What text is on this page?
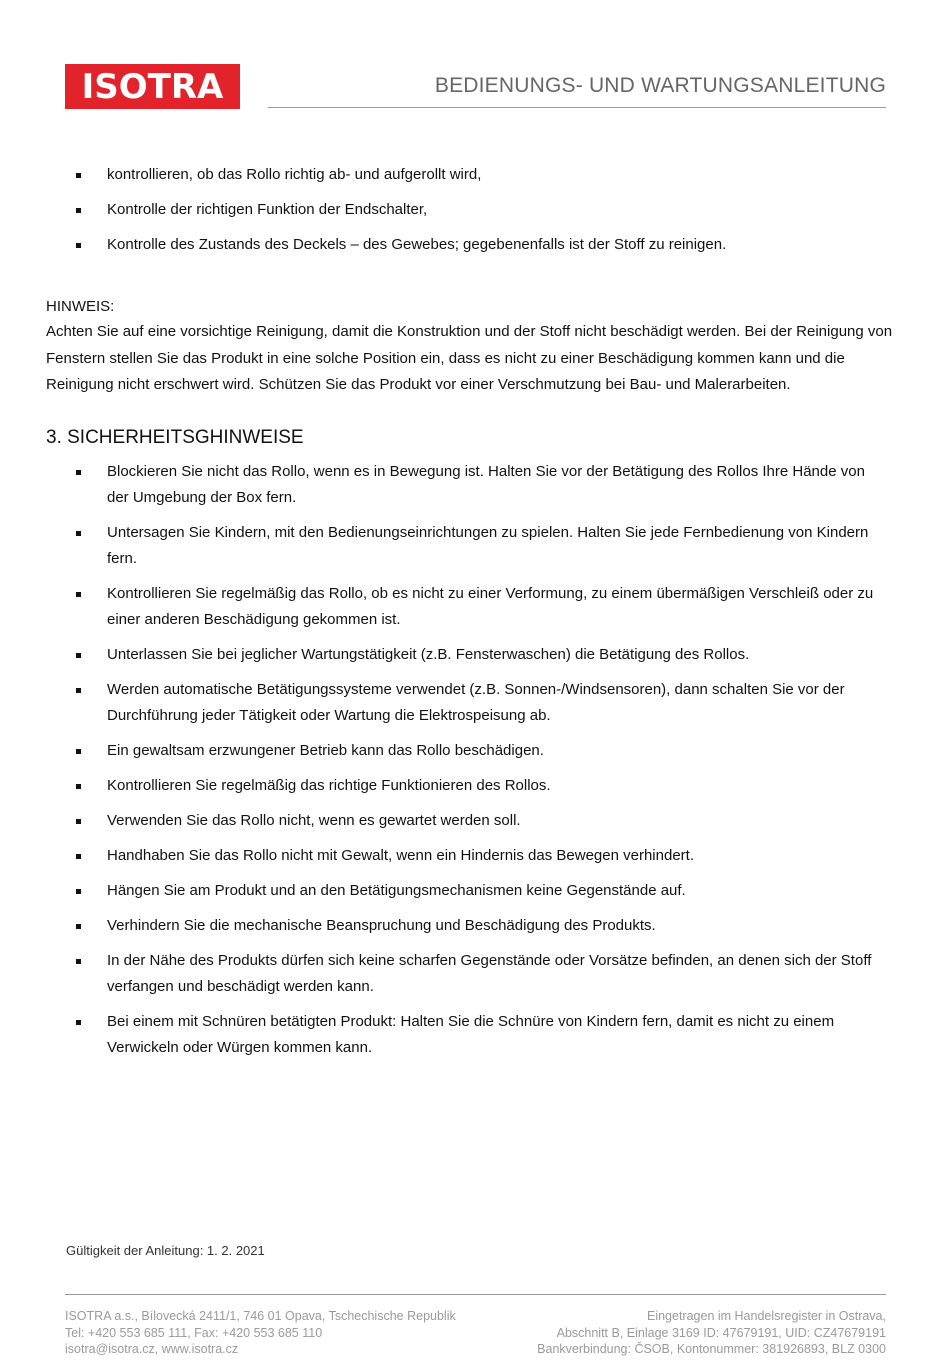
ISOTRA	BEDIENUNGS- UND WARTUNGSANLEITUNG
kontrollieren, ob das Rollo richtig ab- und aufgerollt wird,
Kontrolle der richtigen Funktion der Endschalter,
Kontrolle des Zustands des Deckels – des Gewebes; gegebenenfalls ist der Stoff zu reinigen.
HINWEIS:
Achten Sie auf eine vorsichtige Reinigung, damit die Konstruktion und der Stoff nicht beschädigt werden. Bei der Reinigung von Fenstern stellen Sie das Produkt in eine solche Position ein, dass es nicht zu einer Beschädigung kommen kann und die Reinigung nicht erschwert wird. Schützen Sie das Produkt vor einer Verschmutzung bei Bau- und Malerarbeiten.
3. SICHERHEITSGHINWEISE
Blockieren Sie nicht das Rollo, wenn es in Bewegung ist. Halten Sie vor der Betätigung des Rollos Ihre Hände von der Umgebung der Box fern.
Untersagen Sie Kindern, mit den Bedienungseinrichtungen zu spielen. Halten Sie jede Fernbedienung von Kindern fern.
Kontrollieren Sie regelmäßig das Rollo, ob es nicht zu einer Verformung, zu einem übermäßigen Verschleiß oder zu einer anderen Beschädigung gekommen ist.
Unterlassen Sie bei jeglicher Wartungstätigkeit (z.B. Fensterwaschen) die Betätigung des Rollos.
Werden automatische Betätigungssysteme verwendet (z.B. Sonnen-/Windsensoren), dann schalten Sie vor der Durchführung jeder Tätigkeit oder Wartung die Elektrospeisung ab.
Ein gewaltsam erzwungener Betrieb kann das Rollo beschädigen.
Kontrollieren Sie regelmäßig das richtige Funktionieren des Rollos.
Verwenden Sie das Rollo nicht, wenn es gewartet werden soll.
Handhaben Sie das Rollo nicht mit Gewalt, wenn ein Hindernis das Bewegen verhindert.
Hängen Sie am Produkt und an den Betätigungsmechanismen keine Gegenstände auf.
Verhindern Sie die mechanische Beanspruchung und Beschädigung des Produkts.
In der Nähe des Produkts dürfen sich keine scharfen Gegenstände oder Vorsätze befinden, an denen sich der Stoff verfangen und beschädigt werden kann.
Bei einem mit Schnüren betätigten Produkt: Halten Sie die Schnüre von Kindern fern, damit es nicht zu einem Verwickeln oder Würgen kommen kann.
Gültigkeit der Anleitung: 1. 2. 2021
ISOTRA a.s., Bílovecká 2411/1, 746 01 Opava, Tschechische Republik
Tel: +420 553 685 111, Fax: +420 553 685 110
isotra@isotra.cz, www.isotra.cz
Eingetragen im Handelsregister in Ostrava,
Abschnitt B, Einlage 3169 ID: 47679191, UID: CZ47679191
Bankverbindung: ČSOB, Kontonummer: 381926893, BLZ 0300
